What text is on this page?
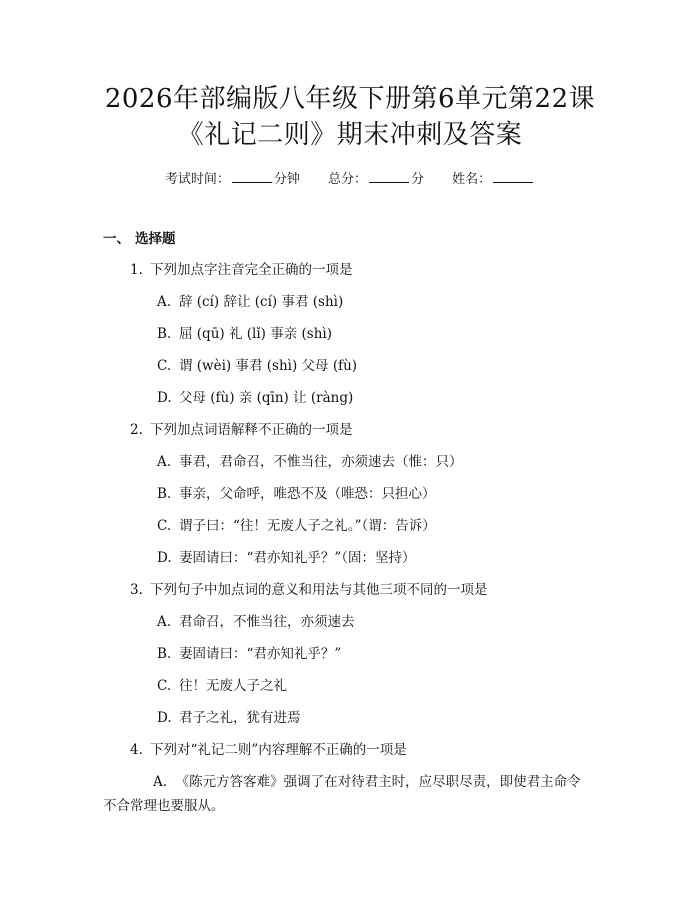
2026年部编版八年级下册第6单元第22课
《礼记二则》期末冲刺及答案
考试时间：	分钟 总分：	分 姓名：
一、 选择题
1. 下列加点字注音完全正确的一项是
A. 辞 (cí) 辞让 (cí) 事君 (shì)
B. 屈 (qū) 礼 (lǐ) 事亲 (shì)
C. 谓 (wèi) 事君 (shì) 父母 (fù)
D. 父母 (fù) 亲 (qīn) 让 (ràng)
2. 下列加点词语解释不正确的一项是
A. 事君，君命召，不惟当往，亦须速去（惟：只）
B. 事亲，父命呼，唯恐不及（唯恐：只担心）
C. 谓子曰：“往！无废人子之礼。”（谓：告诉）
D. 妻固请曰：“君亦知礼乎？”（固：坚持）
3. 下列句子中加点词的意义和用法与其他三项不同的一项是
A. 君命召，不惟当往，亦须速去
B. 妻固请曰：“君亦知礼乎？”
C. 往！无废人子之礼
D. 君子之礼，犹有进焉
4. 下列对“礼记二则”内容理解不正确的一项是
A. 《陈元方答客难》强调了在对待君主时，应尽职尽责，即使君主命令不合常理也要服从。
